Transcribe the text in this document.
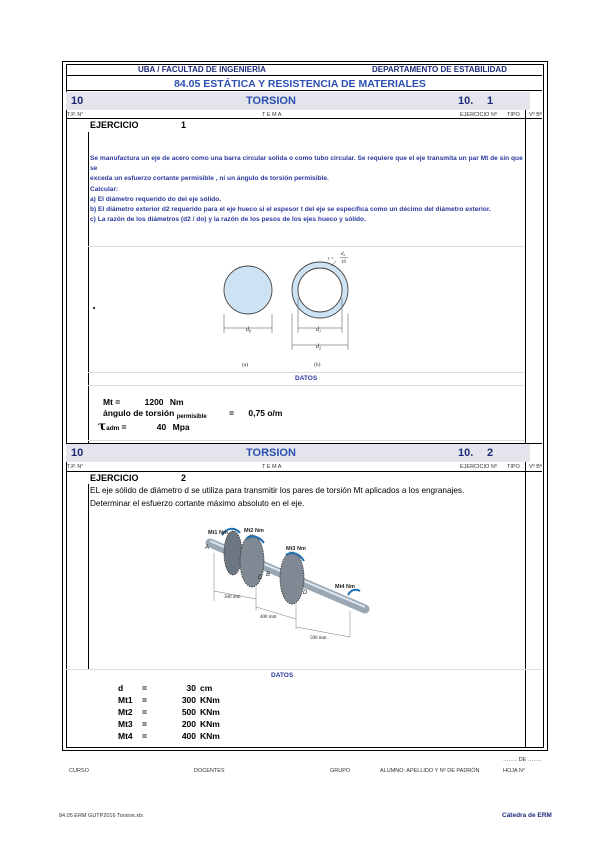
UBA / FACULTAD DE INGENIERÍA	DEPARTAMENTO DE ESTABILIDAD
84.05 ESTÁTICA Y RESISTENCIA DE MATERIALES
10	TORSION	10. 1
T.P. N°	T E M A	EJERCICIO Nº TIPO Vº Bº
EJERCICIO	1
Se manufactura un eje de acero como una barra circular solida o como tubo circular. Se requiere que el eje transmita un par Mt de sin que se
exceda un esfuerzo cortante permisible , ni un ángulo de torsión permisible.
Calcular:
a) El diámetro requerido do del eje sólido.
b) El diámetro exterior d2 requerido para el eje hueco si el espesor t del eje se especifica como un décimo del diámetro exterior.
c) La razón de los diámetros (d2 / do) y la razón de los pesos de los ejes hueco y sólido.
$d_0$	$d_1$
$d_2$
t =
$d_2$
10
(a)	(b)
DATOS
Mt =	1200 Nm
ángulo de torsión $_{permisible}$	= 0,75 o/m
τadm =	40 Mpa
10	TORSION	10. 2
T.P. N°	T E M A	EJERCICIO Nº TIPO Vº Bº
EJERCICIO	2
EL eje sólido de diámetro d se utiliza para transmitir los pares de torsión Mt aplicados a los engranajes.
Determinar el esfuerzo cortante máximo absoluto en el eje.
Mt1 Nm	Mt2 Nm
Mt3 Nm
Mt4 Nm
A
B
C
D
300 mm
400 mm
500 mm
DATOS
d =	30 cm
Mt1 =	300 KNm
Mt2 =	500 KNm
Mt3 =	200 KNm
Mt4 =	400 KNm
…….. DE ……..
CURSO	DOCENTES	GRUPO	ALUMNO: APELLIDO Y Nº DE PADRÓN	HOJA N°
84.05 ERM GUTP2016 Torsion.xls	Cátedra de ERM
